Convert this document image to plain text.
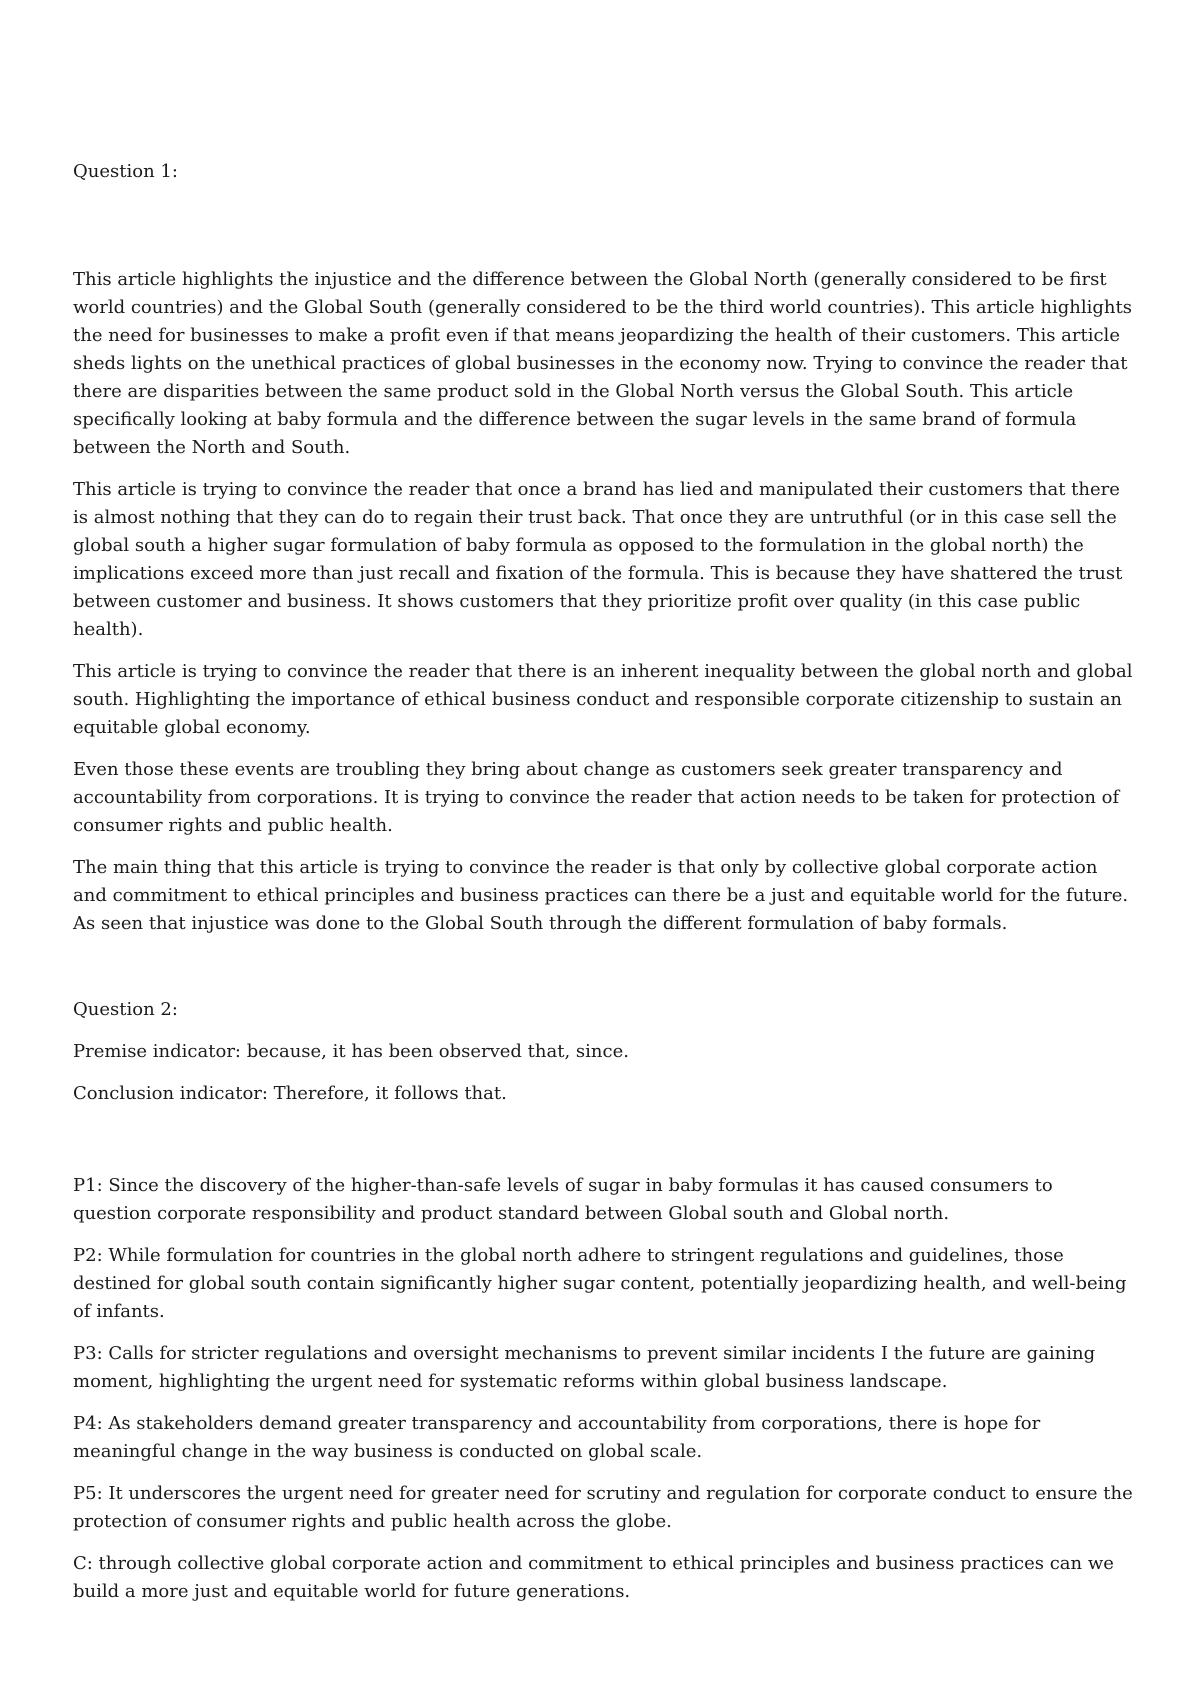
Question 1:

This article highlights the injustice and the difference between the Global North (generally considered to be first world countries) and the Global South (generally considered to be the third world countries). This article highlights the need for businesses to make a profit even if that means jeopardizing the health of their customers. This article sheds lights on the unethical practices of global businesses in the economy now. Trying to convince the reader that there are disparities between the same product sold in the Global North versus the Global South. This article specifically looking at baby formula and the difference between the sugar levels in the same brand of formula between the North and South.

This article is trying to convince the reader that once a brand has lied and manipulated their customers that there is almost nothing that they can do to regain their trust back. That once they are untruthful (or in this case sell the global south a higher sugar formulation of baby formula as opposed to the formulation in the global north) the implications exceed more than just recall and fixation of the formula. This is because they have shattered the trust between customer and business. It shows customers that they prioritize profit over quality (in this case public health).

This article is trying to convince the reader that there is an inherent inequality between the global north and global south. Highlighting the importance of ethical business conduct and responsible corporate citizenship to sustain an equitable global economy.

Even those these events are troubling they bring about change as customers seek greater transparency and accountability from corporations. It is trying to convince the reader that action needs to be taken for protection of consumer rights and public health.

The main thing that this article is trying to convince the reader is that only by collective global corporate action and commitment to ethical principles and business practices can there be a just and equitable world for the future. As seen that injustice was done to the Global South through the different formulation of baby formals.

Question 2:

Premise indicator: because, it has been observed that, since.

Conclusion indicator: Therefore, it follows that.

P1: Since the discovery of the higher-than-safe levels of sugar in baby formulas it has caused consumers to question corporate responsibility and product standard between Global south and Global north.

P2: While formulation for countries in the global north adhere to stringent regulations and guidelines, those destined for global south contain significantly higher sugar content, potentially jeopardizing health, and well-being of infants.

P3: Calls for stricter regulations and oversight mechanisms to prevent similar incidents I the future are gaining moment, highlighting the urgent need for systematic reforms within global business landscape.

P4: As stakeholders demand greater transparency and accountability from corporations, there is hope for meaningful change in the way business is conducted on global scale.

P5: It underscores the urgent need for greater need for scrutiny and regulation for corporate conduct to ensure the protection of consumer rights and public health across the globe.

C: through collective global corporate action and commitment to ethical principles and business practices can we build a more just and equitable world for future generations.
